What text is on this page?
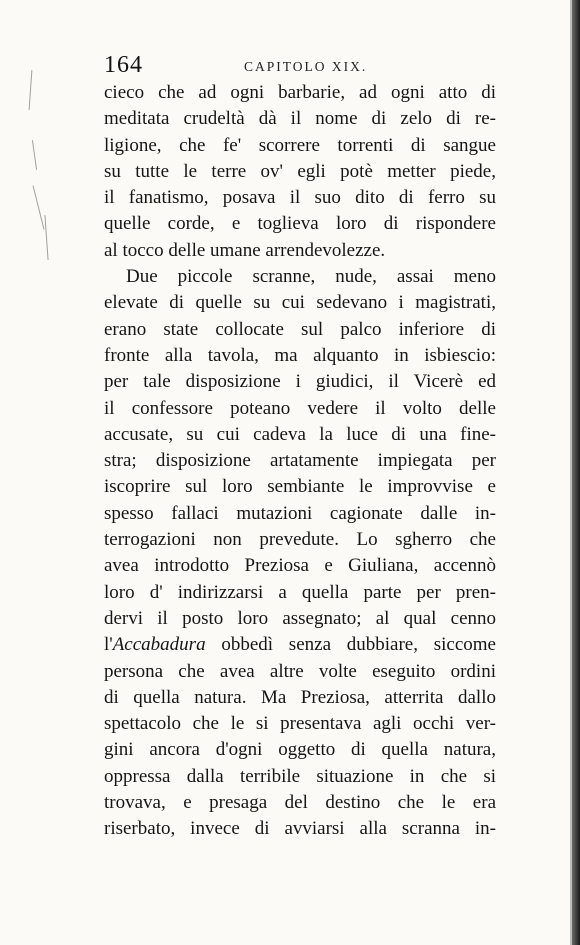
164	CAPITOLO XIX.
cieco che ad ogni barbarie, ad ogni atto di
meditata crudeltà dà il nome di zelo di re-
ligione, che fe' scorrere torrenti di sangue
su tutte le terre ov' egli potè metter piede,
il fanatismo, posava il suo dito di ferro su
quelle corde, e toglieva loro di rispondere
al tocco delle umane arrendevolezze.
Due piccole scranne, nude, assai meno
elevate di quelle su cui sedevano i magistrati,
erano state collocate sul palco inferiore di
fronte alla tavola, ma alquanto in isbiescio:
per tale disposizione i giudici, il Vicerè ed
il confessore poteano vedere il volto delle
accusate, su cui cadeva la luce di una fine-
stra; disposizione artatamente impiegata per
iscoprire sul loro sembiante le improvvise e
spesso fallaci mutazioni cagionate dalle in-
terrogazioni non prevedute. Lo sgherro che
avea introdotto Preziosa e Giuliana, accennò
loro d' indirizzarsi a quella parte per pren-
dervi il posto loro assegnato; al qual cenno
l'Accabadura obbedì senza dubbiare, siccome
persona che avea altre volte eseguito ordini
di quella natura. Ma Preziosa, atterrita dallo
spettacolo che le si presentava agli occhi ver-
gini ancora d'ogni oggetto di quella natura,
oppressa dalla terribile situazione in che si
trovava, e presaga del destino che le era
riserbato, invece di avviarsi alla scranna in-
